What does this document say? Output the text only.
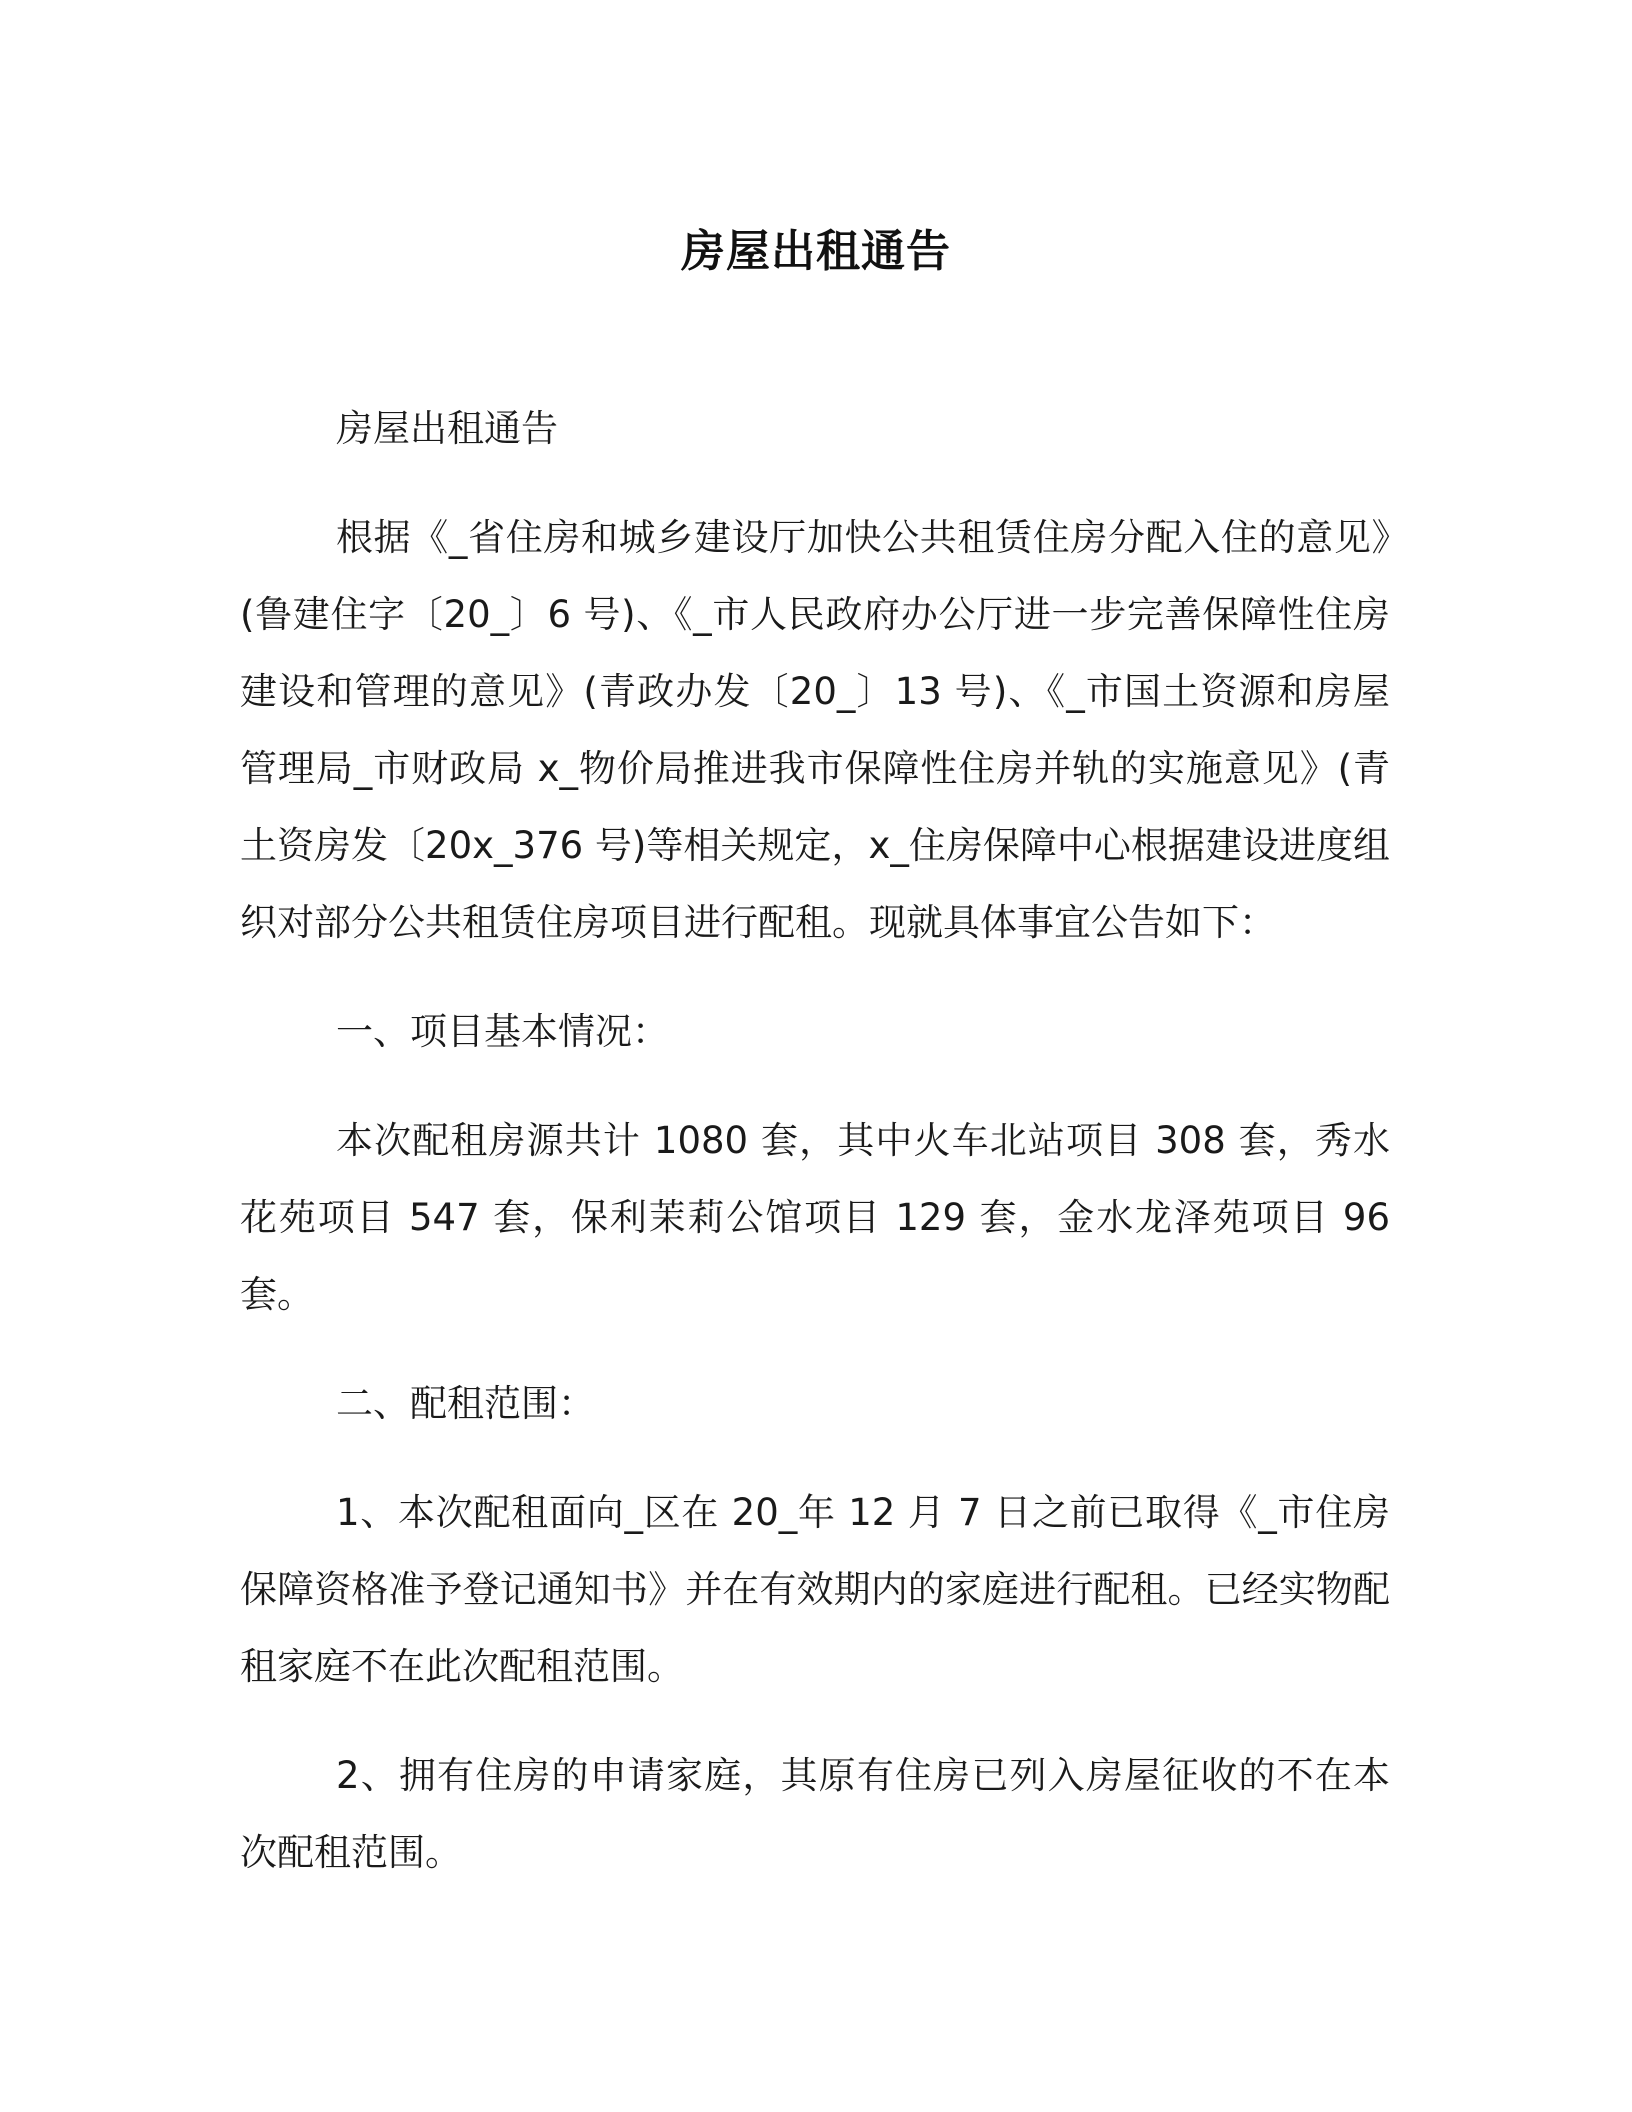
房屋出租通告

房屋出租通告

根据《_省住房和城乡建设厅加快公共租赁住房分配入住的意见》(鲁建住字〔20_〕6 号)、《_市人民政府办公厅进一步完善保障性住房建设和管理的意见》(青政办发〔20_〕13 号)、《_市国土资源和房屋管理局_市财政局 x_物价局推进我市保障性住房并轨的实施意见》(青土资房发〔20x_376 号)等相关规定，x_住房保障中心根据建设进度组织对部分公共租赁住房项目进行配租。现就具体事宜公告如下：

一、项目基本情况：

本次配租房源共计 1080 套，其中火车北站项目 308 套，秀水花苑项目 547 套，保利茉莉公馆项目 129 套，金水龙泽苑项目 96 套。

二、配租范围：

1、本次配租面向_区在 20_年 12 月 7 日之前已取得《_市住房保障资格准予登记通知书》并在有效期内的家庭进行配租。已经实物配租家庭不在此次配租范围。

2、拥有住房的申请家庭，其原有住房已列入房屋征收的不在本次配租范围。
